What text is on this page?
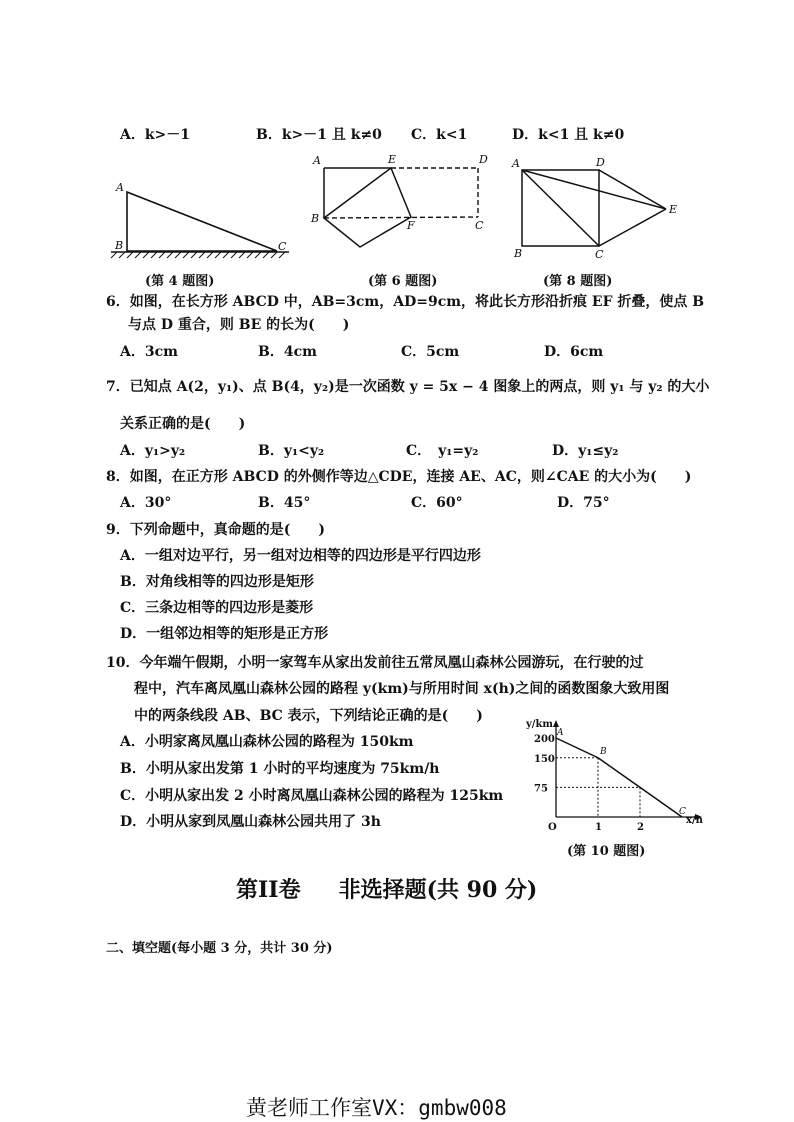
A．k>－1	B．k>－1 且 k≠0 C．k<1	D．k<1 且 k≠0
A
B	C
(第 4 题图)
A	E	D
B
F	C
(第 6 题图)
A	D
E
B	C
(第 8 题图)
6．如图，在长方形 ABCD 中，AB=3cm，AD=9cm，将此长方形沿折痕 EF 折叠，使点 B
与点 D 重合，则 BE 的长为(　　)
A．3cm	B．4cm	C．5cm	D．6cm
7．已知点 A(2，y₁)、点 B(4，y₂)是一次函数 y = 5x − 4 图象上的两点，则 y₁ 与 y₂ 的大小
关系正确的是(　　)
A．y₁>y₂	B．y₁<y₂	C．　y₁=y₂	D．y₁≤y₂
8．如图，在正方形 ABCD 的外侧作等边△CDE，连接 AE、AC，则∠CAE 的大小为(　　)
A．30°	B．45°	C．60°	D．75°
9．下列命题中，真命题的是(　　)
A．一组对边平行，另一组对边相等的四边形是平行四边形
B．对角线相等的四边形是矩形
C．三条边相等的四边形是菱形
D．一组邻边相等的矩形是正方形
10．今年端午假期，小明一家驾车从家出发前往五常凤凰山森林公园游玩，在行驶的过
程中，汽车离凤凰山森林公园的路程 y(km)与所用时间 x(h)之间的函数图象大致用图
中的两条线段 AB、BC 表示，下列结论正确的是(　　)
A．小明家离凤凰山森林公园的路程为 150km
B．小明从家出发第 1 小时的平均速度为 75km/h
C．小明从家出发 2 小时离凤凰山森林公园的路程为 125km
D．小明从家到凤凰山森林公园共用了 3h
y/km
x/h
A
B
C
75
150
200
O	1	2
(第 10 题图)
第II卷 非选择题(共 90 分)
二、填空题(每小题 3 分，共计 30 分)
黄老师工作室VX：gmbw008
